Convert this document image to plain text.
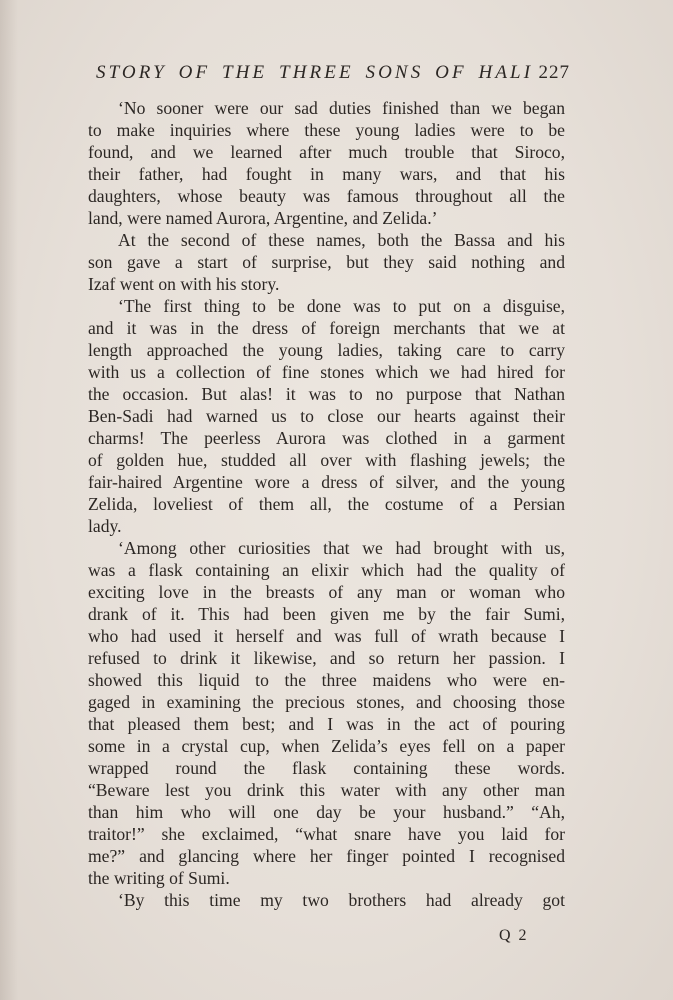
STORY OF THE THREE SONS OF HALI 227
‘No sooner were our sad duties finished than we began
to make inquiries where these young ladies were to be
found, and we learned after much trouble that Siroco,
their father, had fought in many wars, and that his
daughters, whose beauty was famous throughout all the
land, were named Aurora, Argentine, and Zelida.’
At the second of these names, both the Bassa and his
son gave a start of surprise, but they said nothing and
Izaf went on with his story.
‘The first thing to be done was to put on a disguise,
and it was in the dress of foreign merchants that we at
length approached the young ladies, taking care to carry
with us a collection of fine stones which we had hired for
the occasion. But alas! it was to no purpose that Nathan
Ben-Sadi had warned us to close our hearts against their
charms! The peerless Aurora was clothed in a garment
of golden hue, studded all over with flashing jewels; the
fair-haired Argentine wore a dress of silver, and the young
Zelida, loveliest of them all, the costume of a Persian
lady.
‘Among other curiosities that we had brought with us,
was a flask containing an elixir which had the quality of
exciting love in the breasts of any man or woman who
drank of it. This had been given me by the fair Sumi,
who had used it herself and was full of wrath because I
refused to drink it likewise, and so return her passion. I
showed this liquid to the three maidens who were en-
gaged in examining the precious stones, and choosing those
that pleased them best; and I was in the act of pouring
some in a crystal cup, when Zelida’s eyes fell on a paper
wrapped round the flask containing these words.
“Beware lest you drink this water with any other man
than him who will one day be your husband.” “Ah,
traitor!” she exclaimed, “what snare have you laid for
me?” and glancing where her finger pointed I recognised
the writing of Sumi.
‘By this time my two brothers had already got
Q 2
